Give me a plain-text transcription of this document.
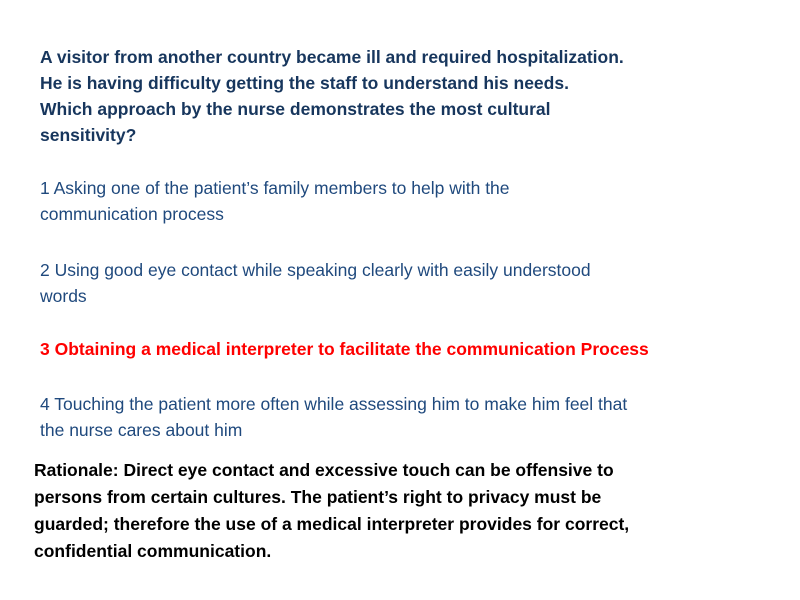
A visitor from another country became ill and required hospitalization.
He is having difficulty getting the staff to understand his needs.
Which approach by the nurse demonstrates the most cultural
sensitivity?

1 Asking one of the patient’s family members to help with the
communication process

2 Using good eye contact while speaking clearly with easily understood
words

3 Obtaining a medical interpreter to facilitate the communication Process

4 Touching the patient more often while assessing him to make him feel that
the nurse cares about him

Rationale: Direct eye contact and excessive touch can be offensive to
persons from certain cultures. The patient’s right to privacy must be
guarded; therefore the use of a medical interpreter provides for correct,
confidential communication.
